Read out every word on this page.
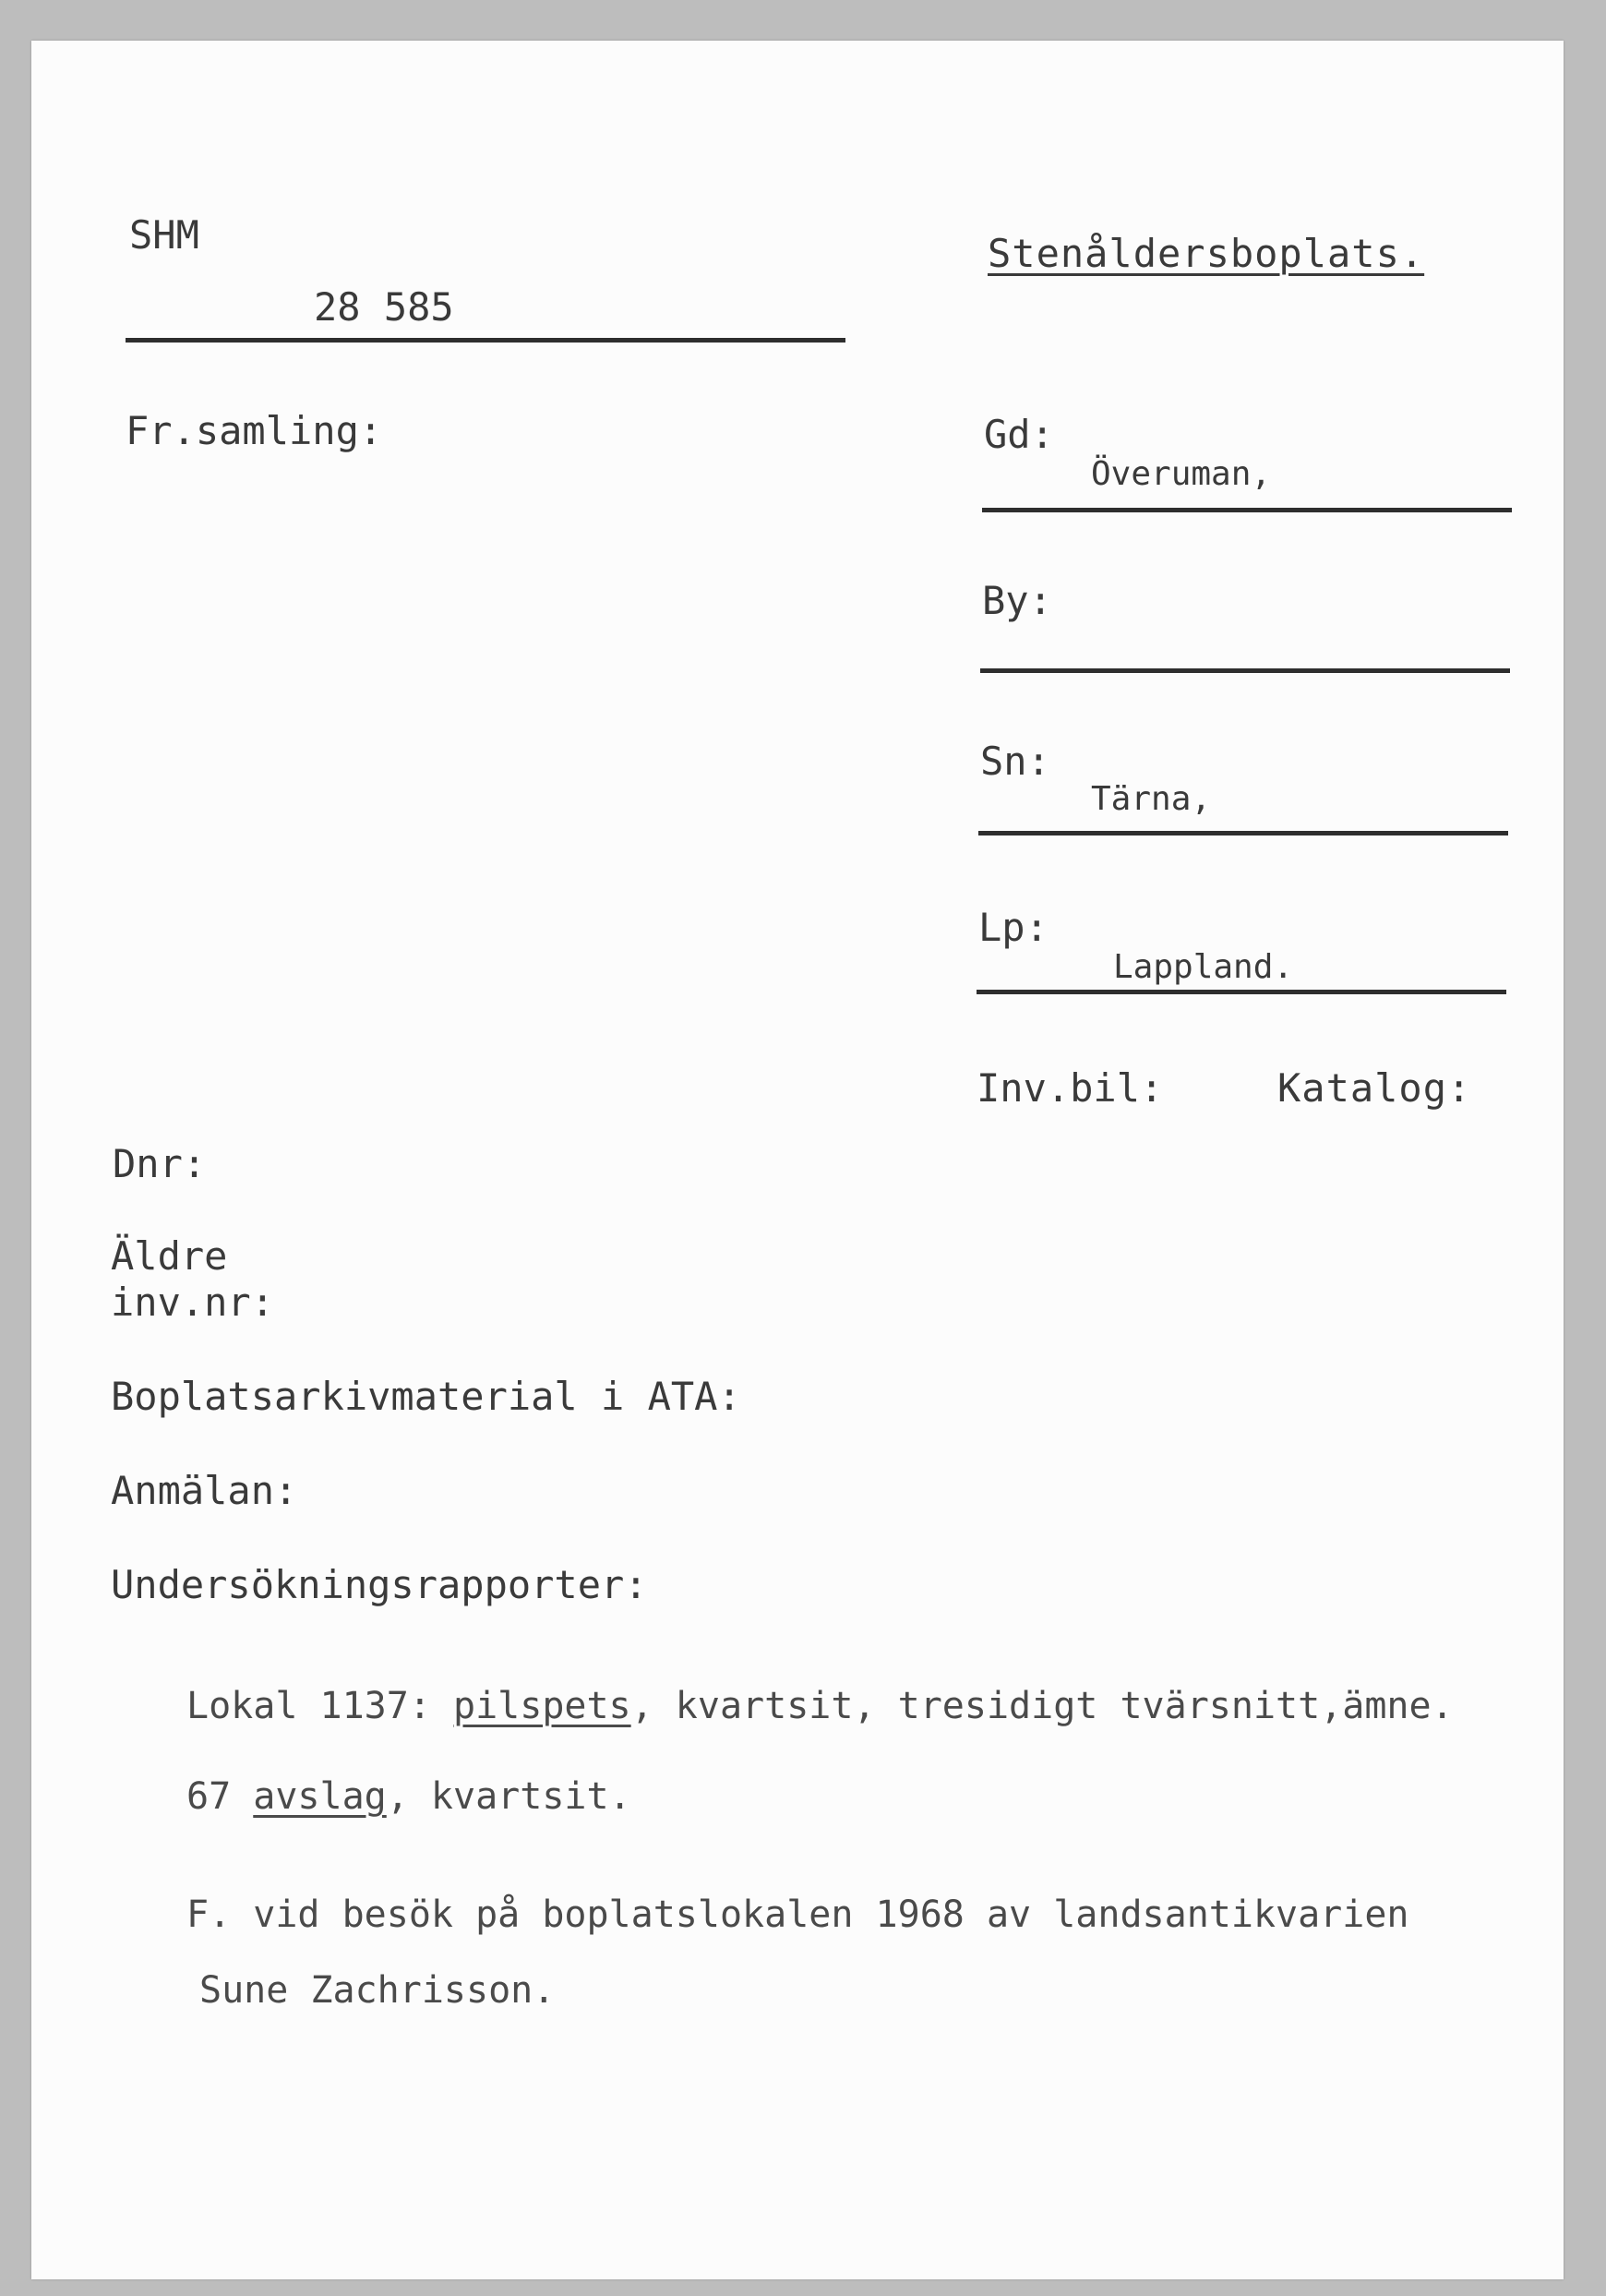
SHM
28 585
Stenåldersboplats.
Fr.samling:	Gd:
Överuman,
By:
Sn:
Tärna,
Lp:
Lappland.
Inv.bil:	Katalog:
Dnr:
Äldre
inv.nr:
Boplatsarkivmaterial i ATA:
Anmälan:
Undersökningsrapporter:
Lokal 1137: pilspets, kvartsit, tresidigt tvärsnitt,ämne.
67 avslag, kvartsit.
F. vid besök på boplatslokalen 1968 av landsantikvarien
Sune Zachrisson.
